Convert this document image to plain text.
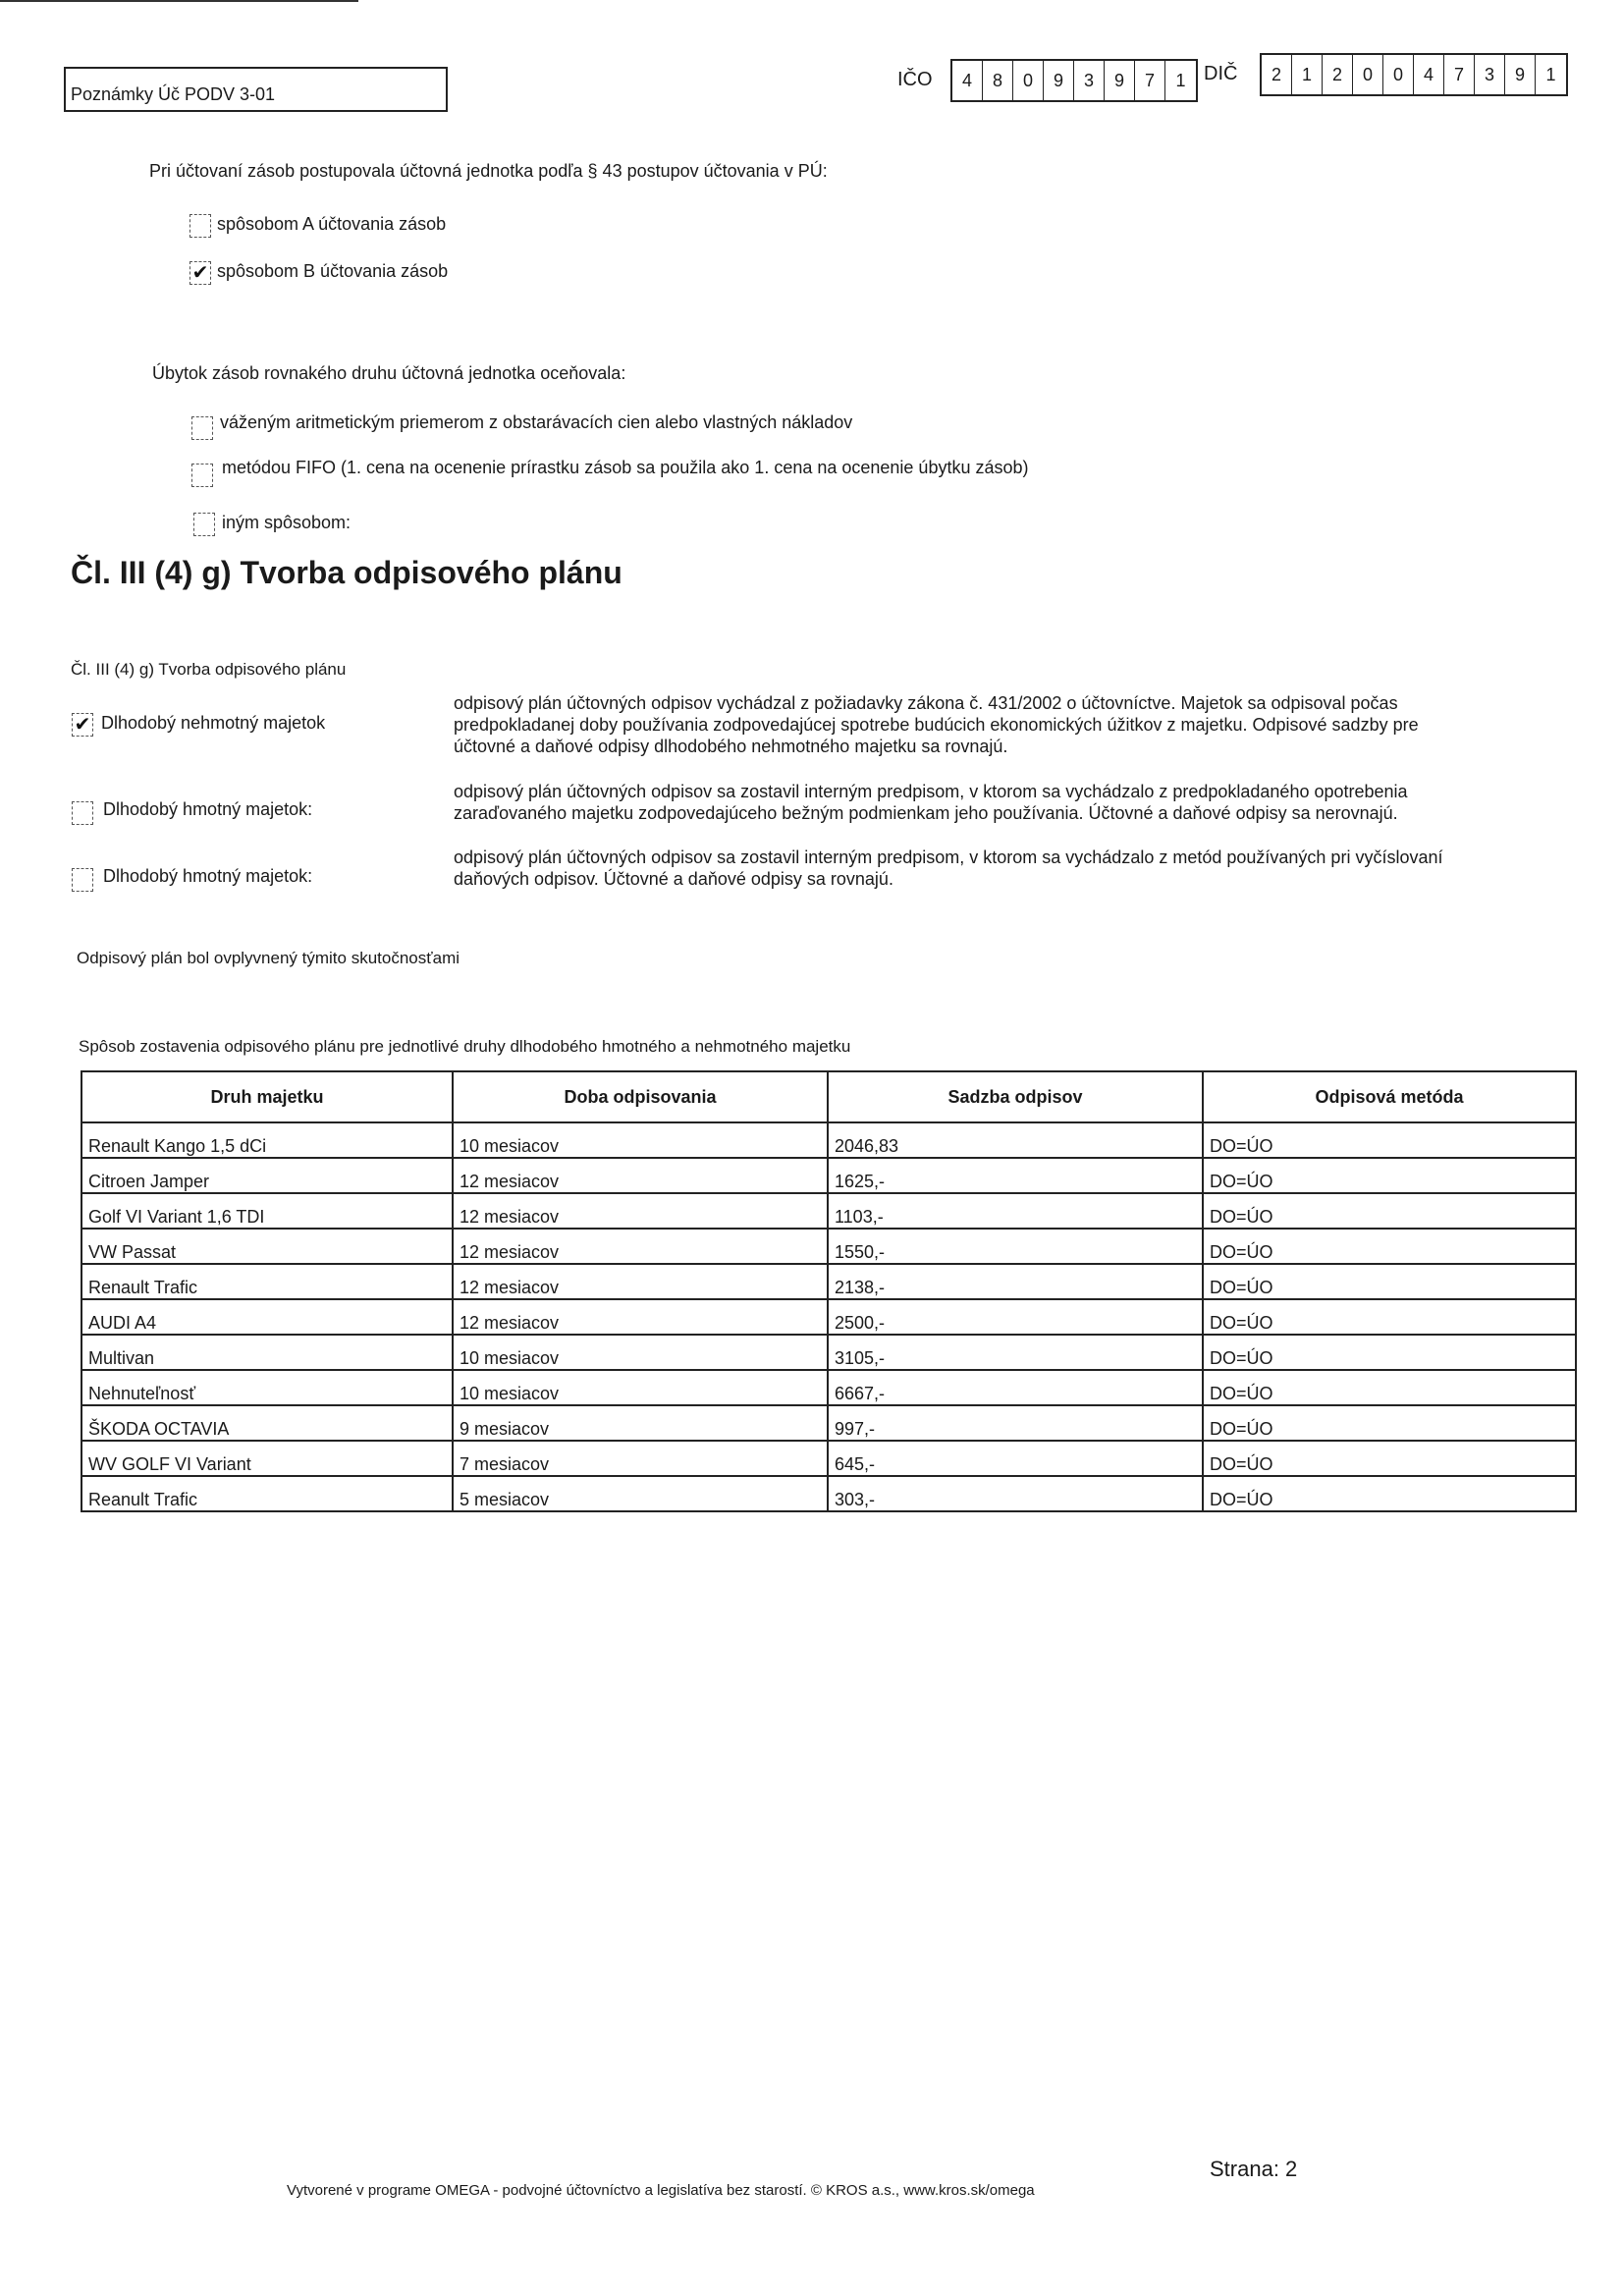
Poznámky Úč PODV 3-01
IČO	4	8	0	9	3	9	7	1 DIČ	2	1	2	0	0	4	7	3	9	1
Pri účtovaní zásob postupovala účtovná jednotka podľa § 43 postupov účtovania v PÚ:
spôsobom A účtovania zásob
✔ spôsobom B účtovania zásob
Úbytok zásob rovnakého druhu účtovná jednotka oceňovala:
váženým aritmetickým priemerom z obstarávacích cien alebo vlastných nákladov
metódou FIFO (1. cena na ocenenie prírastku zásob sa použila ako 1. cena na ocenenie úbytku zásob)
iným spôsobom:
Čl. III (4) g) Tvorba odpisového plánu
Čl. III (4) g) Tvorba odpisového plánu
✔ Dlhodobý nehmotný majetok
odpisový plán účtovných odpisov vychádzal z požiadavky zákona č. 431/2002 o účtovníctve. Majetok sa odpisoval počas
predpokladanej doby používania zodpovedajúcej spotrebe budúcich ekonomických úžitkov z majetku. Odpisové sadzby pre
účtovné a daňové odpisy dlhodobého nehmotného majetku sa rovnajú.
Dlhodobý hmotný majetok:
odpisový plán účtovných odpisov sa zostavil interným predpisom, v ktorom sa vychádzalo z predpokladaného opotrebenia
zaraďovaného majetku zodpovedajúceho bežným podmienkam jeho používania. Účtovné a daňové odpisy sa nerovnajú.
Dlhodobý hmotný majetok:
odpisový plán účtovných odpisov sa zostavil interným predpisom, v ktorom sa vychádzalo z metód používaných pri vyčíslovaní
daňových odpisov. Účtovné a daňové odpisy sa rovnajú.
Odpisový plán bol ovplyvnený týmito skutočnosťami
Spôsob zostavenia odpisového plánu pre jednotlivé druhy dlhodobého hmotného a nehmotného majetku
Druh majetku	Doba odpisovania	Sadzba odpisov	Odpisová metóda
Renault Kango 1,5 dCi	10 mesiacov	2046,83	DO=ÚO
Citroen Jamper	12 mesiacov	1625,-	DO=ÚO
Golf VI Variant 1,6 TDI	12 mesiacov	1103,-	DO=ÚO
VW Passat	12 mesiacov	1550,-	DO=ÚO
Renault Trafic	12 mesiacov	2138,-	DO=ÚO
AUDI A4	12 mesiacov	2500,-	DO=ÚO
Multivan	10 mesiacov	3105,-	DO=ÚO
Nehnuteľnosť	10 mesiacov	6667,-	DO=ÚO
ŠKODA OCTAVIA	9 mesiacov	997,-	DO=ÚO
WV GOLF VI Variant	7 mesiacov	645,-	DO=ÚO
Reanult Trafic	5 mesiacov	303,-	DO=ÚO
Vytvorené v programe OMEGA - podvojné účtovníctvo a legislatíva bez starostí. © KROS a.s., www.kros.sk/omega
Strana: 2
